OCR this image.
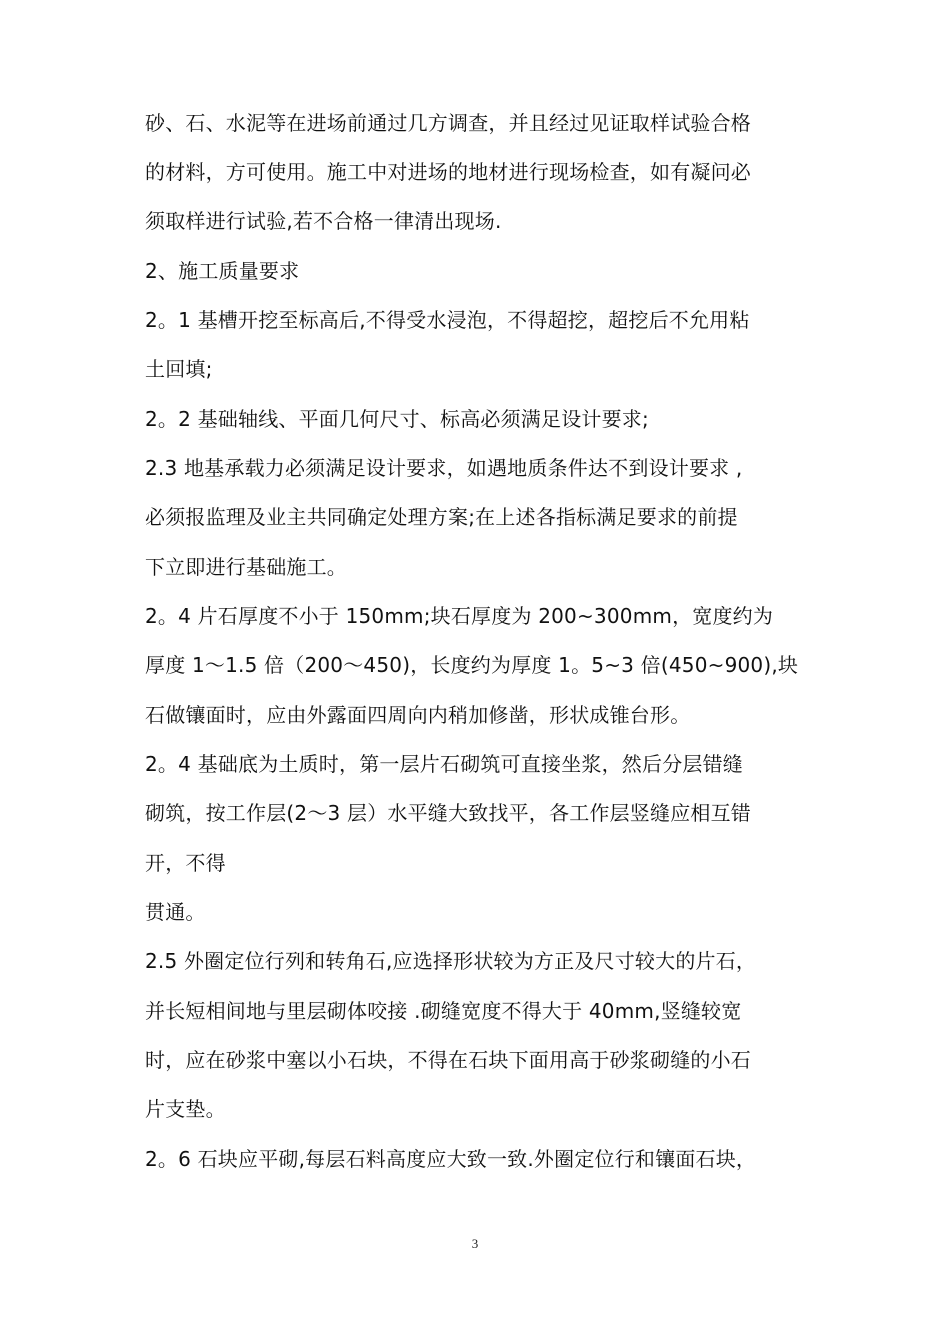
砂、石、水泥等在进场前通过几方调查，并且经过见证取样试验合格
的材料，方可使用。施工中对进场的地材进行现场检查，如有凝问必
须取样进行试验,若不合格一律清出现场.
2、施工质量要求
2。1 基槽开挖至标高后,不得受水浸泡，不得超挖，超挖后不允用粘
土回填;
2。2 基础轴线、平面几何尺寸、标高必须满足设计要求;
2.3 地基承载力必须满足设计要求，如遇地质条件达不到设计要求 ,
必须报监理及业主共同确定处理方案;在上述各指标满足要求的前提
下立即进行基础施工。
2。4 片石厚度不小于 150mm;块石厚度为 200~300mm，宽度约为
厚度 1～1.5 倍（200～450)，长度约为厚度 1。5~3 倍(450~900),块
石做镶面时，应由外露面四周向内稍加修凿，形状成锥台形。
2。4 基础底为土质时，第一层片石砌筑可直接坐浆，然后分层错缝
砌筑，按工作层(2～3 层）水平缝大致找平，各工作层竖缝应相互错
开，不得
贯通。
2.5 外圈定位行列和转角石,应选择形状较为方正及尺寸较大的片石，
并长短相间地与里层砌体咬接 .砌缝宽度不得大于 40mm,竖缝较宽
时，应在砂浆中塞以小石块，不得在石块下面用高于砂浆砌缝的小石
片支垫。
2。6 石块应平砌,每层石料高度应大致一致.外圈定位行和镶面石块，
3
